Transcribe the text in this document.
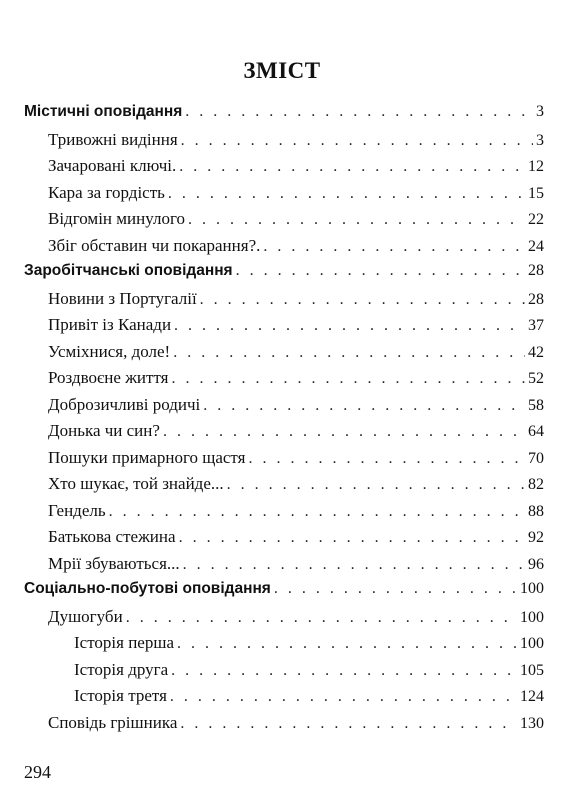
ЗМІСТ
Містичні оповідання . . .	3
Тривожні видіння . . .	3
Зачаровані ключі. . . .	12
Кара за гордість . . .	15
Відгомін минулого . . .	22
Збіг обставин чи покарання?. . . .	24
Заробітчанські оповідання . . .	28
Новини з Португалії . . .	28
Привіт із Канади . . .	37
Усміхнися, доле! . . .	42
Роздвоєне життя . . .	52
Доброзичливі родичі . . .	58
Донька чи син? . . .	64
Пошуки примарного щастя . . .	70
Хто шукає, той знайде... . . .	82
Гендель . . .	88
Батькова стежина . . .	92
Мрії збуваються... . . .	96
Соціально-побутові оповідання . . .	100
Душогуби . . .	100
Історія перша . . .	100
Історія друга . . .	105
Історія третя . . .	124
Сповідь грішника . . .	130
294
